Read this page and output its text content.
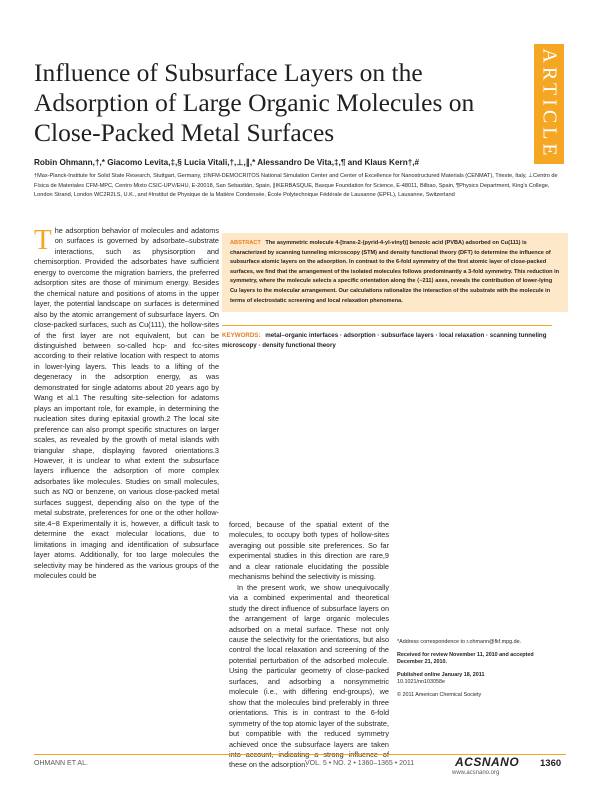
ARTICLE
Influence of Subsurface Layers on the Adsorption of Large Organic Molecules on Close-Packed Metal Surfaces
Robin Ohmann,†,* Giacomo Levita,‡,§ Lucia Vitali,†,⊥,∥,* Alessandro De Vita,‡,¶ and Klaus Kern†,#
†Max-Planck-Institute for Solid State Research, Stuttgart, Germany, ‡INFM-DEMOCRITOS National Simulation Center and Center of Excellence for Nanostructured Materials (CENMAT), Trieste, Italy, ⊥Centro de Física de Materiales CFM-MPC, Centro Mixto CSIC-UPV/EHU, E-20018, San Sebastián, Spain, ∥IKERBASQUE, Basque Foundation for Science, E-48011, Bilbao, Spain, ¶Physics Department, King's College, London Strand, London WC2R2LS, U.K., and #Institut de Physique de la Matière Condensée, École Polytechnique Fédérale de Lausanne (EPFL), Lausanne, Switzerland
T he adsorption behavior of molecules and adatoms on surfaces is governed by adsorbate–substrate interactions, such as physisorption and chemisorption. Provided the adsorbates have sufficient energy to overcome the migration barriers, the preferred adsorption sites are those of minimum energy. Besides the chemical nature and positions of atoms in the upper layer, the potential landscape on surfaces is determined also by the atomic arrangement of subsurface layers. On close-packed surfaces, such as Cu(111), the hollow-sites of the first layer are not equivalent, but can be distinguished between so-called hcp- and fcc-sites according to their relative location with respect to atoms in lower-lying layers. This leads to a lifting of the degeneracy in the adsorption energy, as was demonstrated for single adatoms about 20 years ago by Wang et al.1 The resulting site-selection for adatoms plays an important role, for example, in determining the nucleation sites during epitaxial growth.2 The local site preference can also prompt specific structures on larger scales, as revealed by the growth of metal islands with triangular shape, displaying favored orientations.3 However, it is unclear to what extent the subsurface layers influence the adsorption of more complex adsorbates like molecules. Studies on small molecules, such as NO or benzene, on various close-packed metal surfaces suggest, depending also on the type of the metal substrate, preferences for one or the other hollow-site.4−8 Experimentally it is, however, a difficult task to determine the exact molecular locations, due to limitations in imaging and identification of subsurface layer atoms. Additionally, for too large molecules the selectivity may be hindered as the various groups of the molecules could be

ABSTRACT The asymmetric molecule 4-[trans-2-(pyrid-4-yl-vinyl)] benzoic acid (PVBA) adsorbed on Cu(111) is characterized by scanning tunneling microscopy (STM) and density functional theory (DFT) to determine the influence of subsurface atomic layers on the adsorption. In contrast to the 6-fold symmetry of the first atomic layer of close-packed surfaces, we find that the arrangement of the isolated molecules follows predominantly a 3-fold symmetry. This reduction in symmetry, where the molecule selects a specific orientation along the ⟨−211⟩ axes, reveals the contribution of lower-lying Cu layers to the molecular arrangement. Our calculations rationalize the interaction of the substrate with the molecule in terms of electrostatic screening and local relaxation phenomena.
KEYWORDS: metal–organic interfaces · adsorption · subsurface layers · local relaxation · scanning tunneling microscopy · density functional theory

forced, because of the spatial extent of the molecules, to occupy both types of hollow-sites averaging out possible site preferences. So far experimental studies in this direction are rare,9 and a clear rationale elucidating the possible mechanisms behind the selectivity is missing.

In the present work, we show unequivocally via a combined experimental and theoretical study the direct influence of subsurface layers on the arrangement of large organic molecules adsorbed on a metal surface. These not only cause the selectivity for the orientations, but also control the local relaxation and screening of the potential perturbation of the adsorbed molecule. Using the particular geometry of close-packed surfaces, and adsorbing a nonsymmetric molecule (i.e., with differing end-groups), we show that the molecules bind preferably in three orientations. This is in contrast to the 6-fold symmetry of the top atomic layer of the substrate, but compatible with the reduced symmetry achieved once the subsurface layers are taken into account, indicating a strong influence of these on the adsorption.

*Address correspondence to r.ohmann@fkf.mpg.de.

Received for review November 11, 2010 and accepted December 21, 2010.

Published online January 18, 2011

10.1021/nn103058e

© 2011 American Chemical Society

OHMANN ET AL.	VOL. 5 • NO. 2 • 1360–1365 • 2011	ACSNANO
www.acsnano.org
1360
